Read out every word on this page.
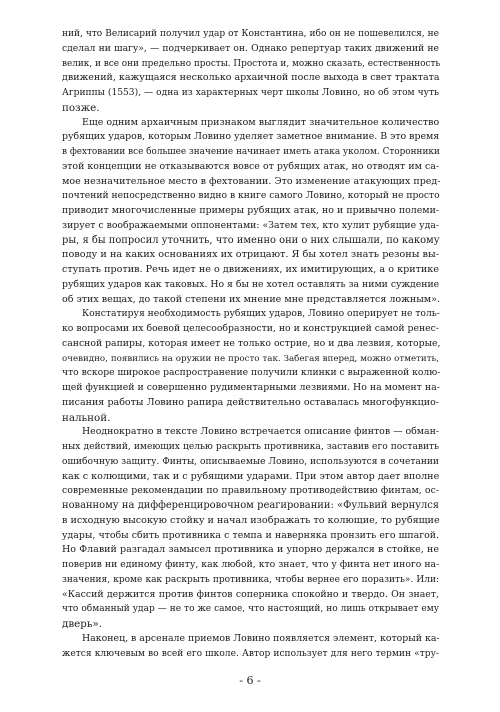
ний, что Велисарий получил удар от Константина, ибо он не пошевелился, не
сделал ни шагу», — подчеркивает он. Однако репертуар таких движений не
велик, и все они предельно просты. Простота и, можно сказать, естественность
движений, кажущаяся несколько архаичной после выхода в свет трактата
Агриппы (1553), — одна из характерных черт школы Ловино, но об этом чуть
позже.
Еще одним архаичным признаком выглядит значительное количество
рубящих ударов, которым Ловино уделяет заметное внимание. В это время
в фехтовании все большее значение начинает иметь атака уколом. Сторонники
этой концепции не отказываются вовсе от рубящих атак, но отводят им са-
мое незначительное место в фехтовании. Это изменение атакующих пред-
почтений непосредственно видно в книге самого Ловино, который не просто
приводит многочисленные примеры рубящих атак, но и привычно полеми-
зирует с воображаемыми оппонентами: «Затем тех, кто хулит рубящие уда-
ры, я бы попросил уточнить, что именно они о них слышали, по какому
поводу и на каких основаниях их отрицают. Я бы хотел знать резоны вы-
ступать против. Речь идет не о движениях, их имитирующих, а о критике
рубящих ударов как таковых. Но я бы не хотел оставлять за ними суждение
об этих вещах, до такой степени их мнение мне представляется ложным».
Констатируя необходимость рубящих ударов, Ловино оперирует не толь-
ко вопросами их боевой целесообразности, но и конструкцией самой ренес-
сансной рапиры, которая имеет не только острие, но и два лезвия, которые,
очевидно, появились на оружии не просто так. Забегая вперед, можно отметить,
что вскоре широкое распространение получили клинки с выраженной колю-
щей функцией и совершенно рудиментарными лезвиями. Но на момент на-
писания работы Ловино рапира действительно оставалась многофункцио-
нальной.
Неоднократно в тексте Ловино встречается описание финтов — обман-
ных действий, имеющих целью раскрыть противника, заставив его поставить
ошибочную защиту. Финты, описываемые Ловино, используются в сочетании
как с колющими, так и с рубящими ударами. При этом автор дает вполне
современные рекомендации по правильному противодействию финтам, ос-
нованному на дифференцировочном реагировании: «Фульвий вернулся
в исходную высокую стойку и начал изображать то колющие, то рубящие
удары, чтобы сбить противника с темпа и наверняка пронзить его шпагой.
Но Флавий разгадал замысел противника и упорно держался в стойке, не
поверив ни единому финту, как любой, кто знает, что у финта нет иного на-
значения, кроме как раскрыть противника, чтобы вернее его поразить». Или:
«Кассий держится против финтов соперника спокойно и твердо. Он знает,
что обманный удар — не то же самое, что настоящий, но лишь открывает ему
дверь».
Наконец, в арсенале приемов Ловино появляется элемент, который ка-
жется ключевым во всей его школе. Автор использует для него термин «тру-
- 6 -
